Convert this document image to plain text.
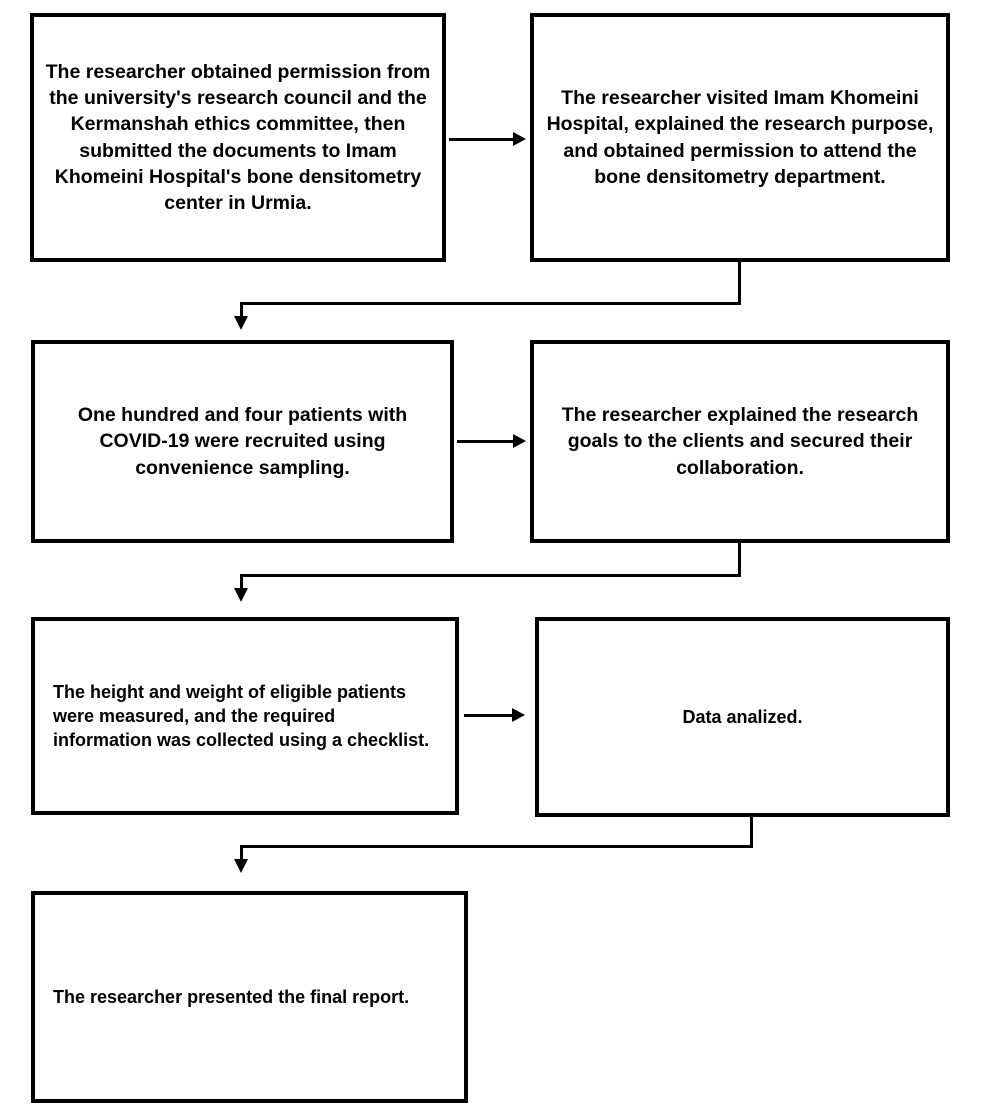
The researcher obtained permission from the university's research council and the Kermanshah ethics committee, then submitted the documents to Imam Khomeini Hospital's bone densitometry center in Urmia.
The researcher visited Imam Khomeini Hospital, explained the research purpose, and obtained permission to attend the bone densitometry department.
One hundred and four patients with COVID-19 were recruited using convenience sampling.
The researcher explained the research goals to the clients and secured their collaboration.
The height and weight of eligible patients were measured, and the required information was collected using a checklist.
Data analized.
The researcher presented the final report.
